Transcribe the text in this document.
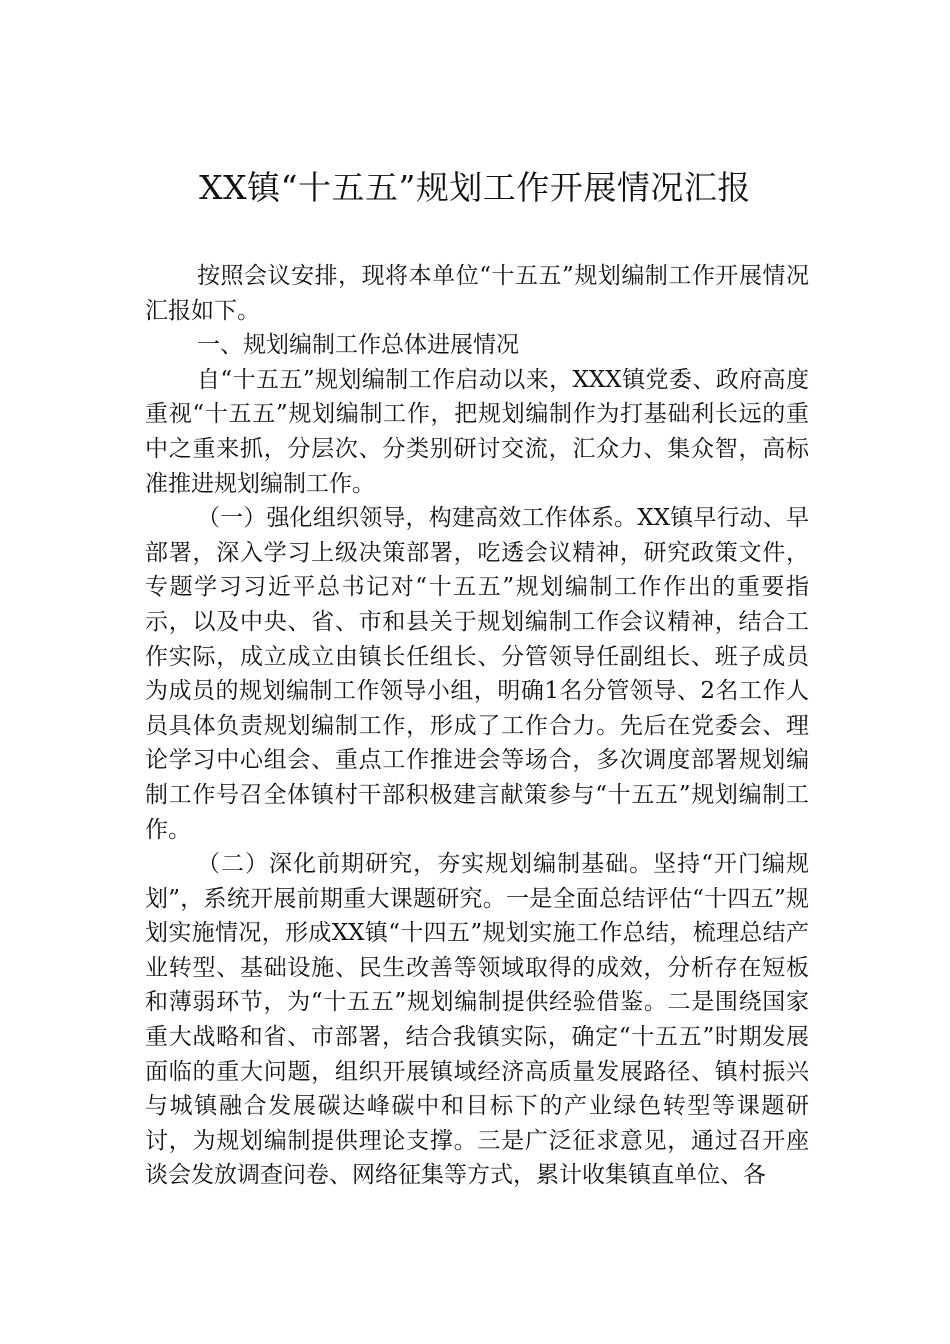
XX镇“十五五”规划工作开展情况汇报

按照会议安排，现将本单位“十五五”规划编制工作开展情况汇报如下。

一、规划编制工作总体进展情况

自“十五五”规划编制工作启动以来，XXX镇党委、政府高度重视“十五五”规划编制工作，把规划编制作为打基础利长远的重中之重来抓，分层次、分类别研讨交流，汇众力、集众智，高标准推进规划编制工作。

（一）强化组织领导，构建高效工作体系。XX镇早行动、早部署，深入学习上级决策部署，吃透会议精神，研究政策文件，专题学习习近平总书记对“十五五”规划编制工作作出的重要指示，以及中央、省、市和县关于规划编制工作会议精神，结合工作实际，成立成立由镇长任组长、分管领导任副组长、班子成员为成员的规划编制工作领导小组，明确1名分管领导、2名工作人员具体负责规划编制工作，形成了工作合力。先后在党委会、理论学习中心组会、重点工作推进会等场合，多次调度部署规划编制工作号召全体镇村干部积极建言献策参与“十五五”规划编制工作。

（二）深化前期研究，夯实规划编制基础。坚持“开门编规划”，系统开展前期重大课题研究。一是全面总结评估“十四五”规划实施情况，形成XX镇“十四五”规划实施工作总结，梳理总结产业转型、基础设施、民生改善等领域取得的成效，分析存在短板和薄弱环节，为“十五五”规划编制提供经验借鉴。二是围绕国家重大战略和省、市部署，结合我镇实际，确定“十五五”时期发展面临的重大问题，组织开展镇域经济高质量发展路径、镇村振兴与城镇融合发展碳达峰碳中和目标下的产业绿色转型等课题研讨，为规划编制提供理论支撑。三是广泛征求意见，通过召开座谈会发放调查问卷、网络征集等方式，累计收集镇直单位、各
